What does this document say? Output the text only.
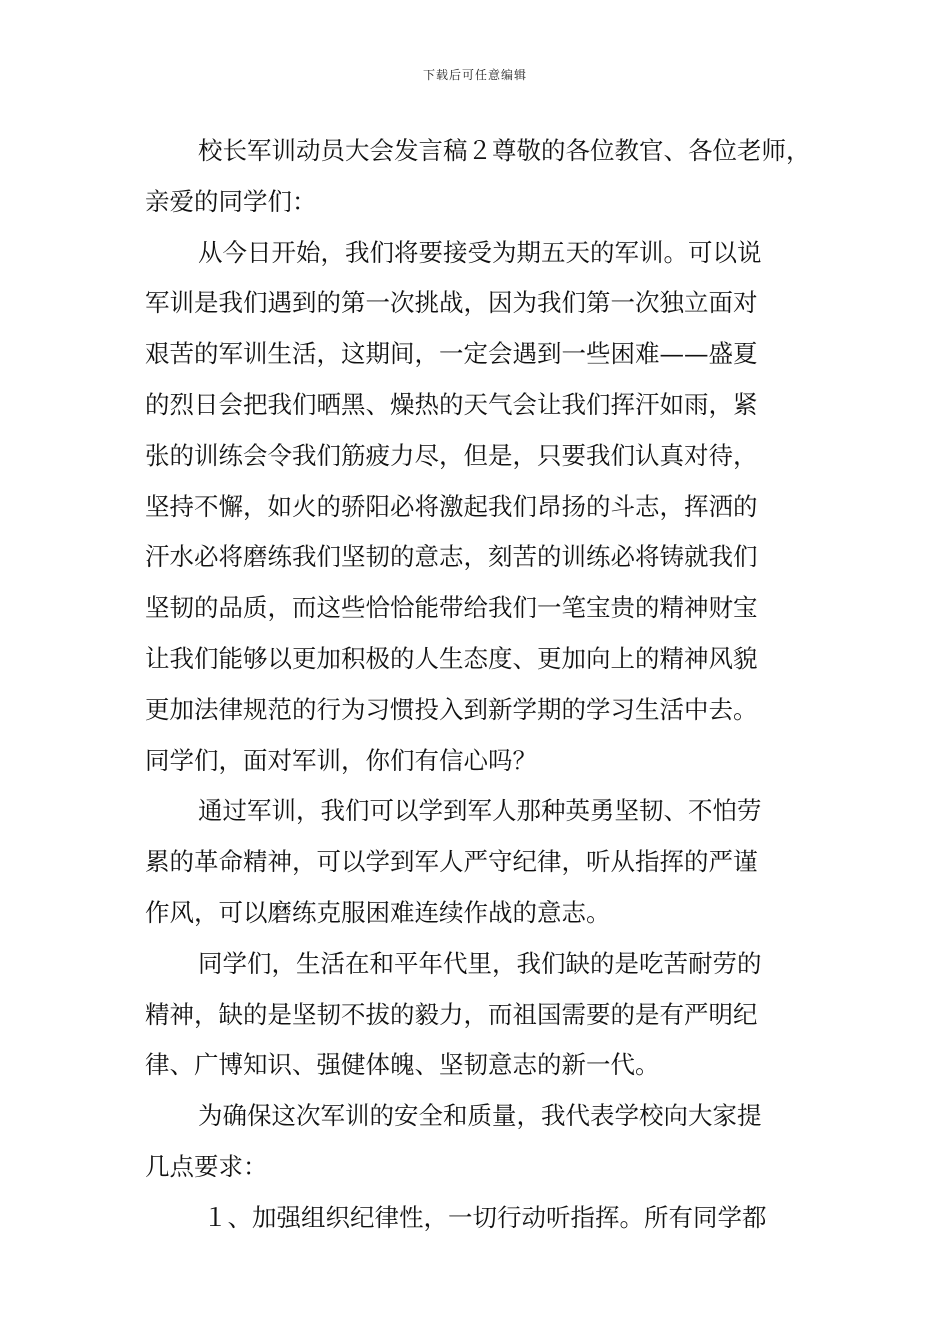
下载后可任意编辑
校长军训动员大会发言稿２尊敬的各位教官、各位老师，
亲爱的同学们：
从今日开始，我们将要接受为期五天的军训。可以说
军训是我们遇到的第一次挑战，因为我们第一次独立面对
艰苦的军训生活，这期间，一定会遇到一些困难——盛夏
的烈日会把我们晒黑、燥热的天气会让我们挥汗如雨，紧
张的训练会令我们筋疲力尽，但是，只要我们认真对待，
坚持不懈，如火的骄阳必将激起我们昂扬的斗志，挥洒的
汗水必将磨练我们坚韧的意志，刻苦的训练必将铸就我们
坚韧的品质，而这些恰恰能带给我们一笔宝贵的精神财宝
让我们能够以更加积极的人生态度、更加向上的精神风貌
更加法律规范的行为习惯投入到新学期的学习生活中去。
同学们，面对军训，你们有信心吗？
通过军训，我们可以学到军人那种英勇坚韧、不怕劳
累的革命精神，可以学到军人严守纪律，听从指挥的严谨
作风，可以磨练克服困难连续作战的意志。
同学们，生活在和平年代里，我们缺的是吃苦耐劳的
精神，缺的是坚韧不拔的毅力，而祖国需要的是有严明纪
律、广博知识、强健体魄、坚韧意志的新一代。
为确保这次军训的安全和质量，我代表学校向大家提
几点要求：
１、加强组织纪律性，一切行动听指挥。所有同学都
